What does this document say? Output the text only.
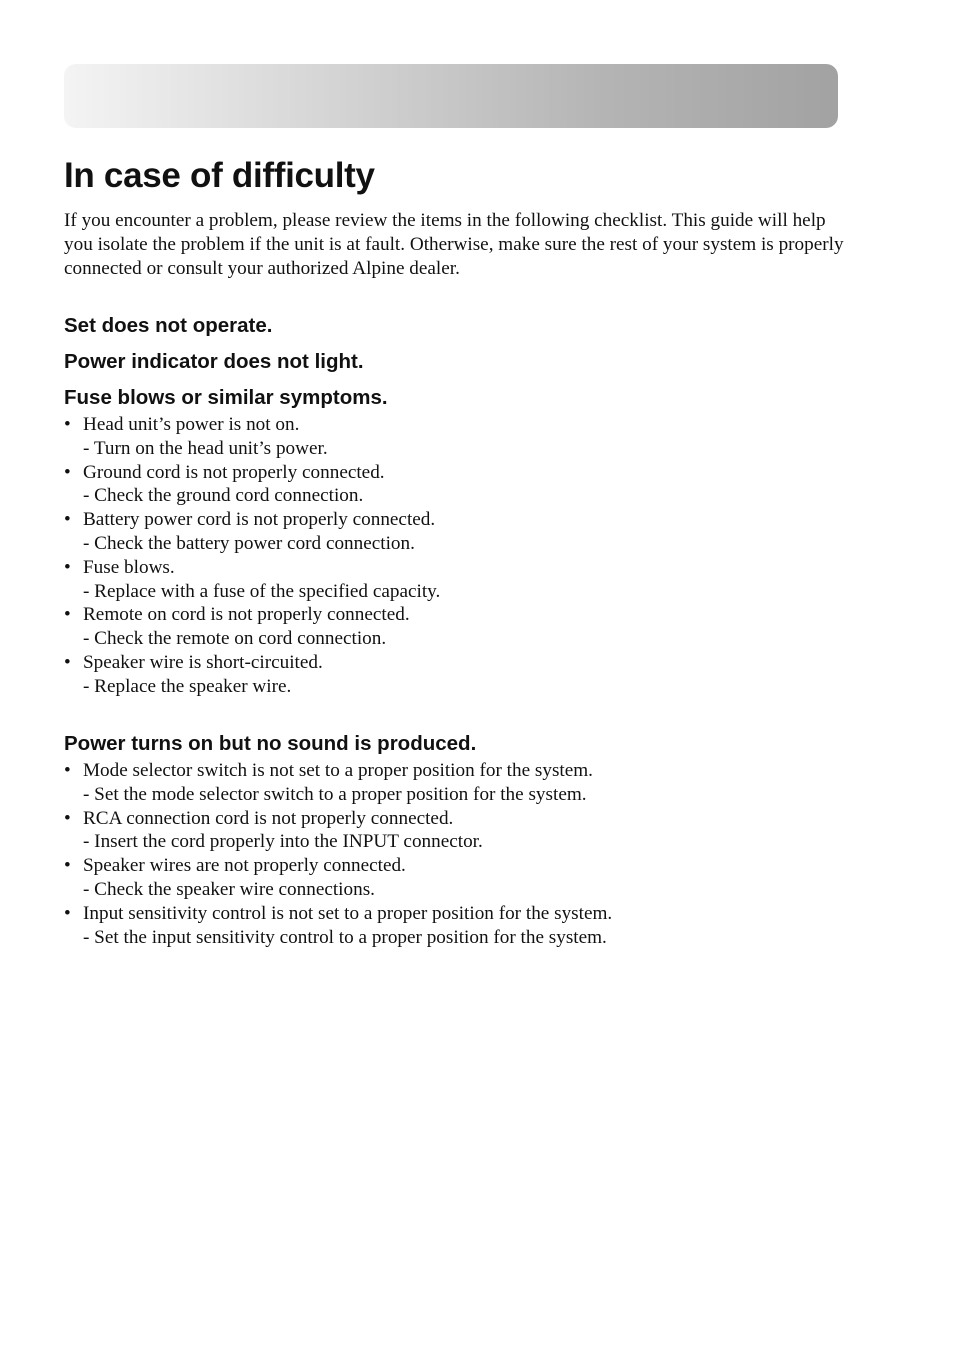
In case of difficulty

If you encounter a problem, please review the items in the following checklist. This guide will help you isolate the problem if the unit is at fault. Otherwise, make sure the rest of your system is properly connected or consult your authorized Alpine dealer.

Set does not operate.
Power indicator does not light.
Fuse blows or similar symptoms.
• Head unit’s power is not on.
- Turn on the head unit’s power.
• Ground cord is not properly connected.
- Check the ground cord connection.
• Battery power cord is not properly connected.
- Check the battery power cord connection.
• Fuse blows.
- Replace with a fuse of the specified capacity.
• Remote on cord is not properly connected.
- Check the remote on cord connection.
• Speaker wire is short-circuited.
- Replace the speaker wire.
Power turns on but no sound is produced.
• Mode selector switch is not set to a proper position for the system.
- Set the mode selector switch to a proper position for the system.
• RCA connection cord is not properly connected.
- Insert the cord properly into the INPUT connector.
• Speaker wires are not properly connected.
- Check the speaker wire connections.
• Input sensitivity control is not set to a proper position for the system.
- Set the input sensitivity control to a proper position for the system.
